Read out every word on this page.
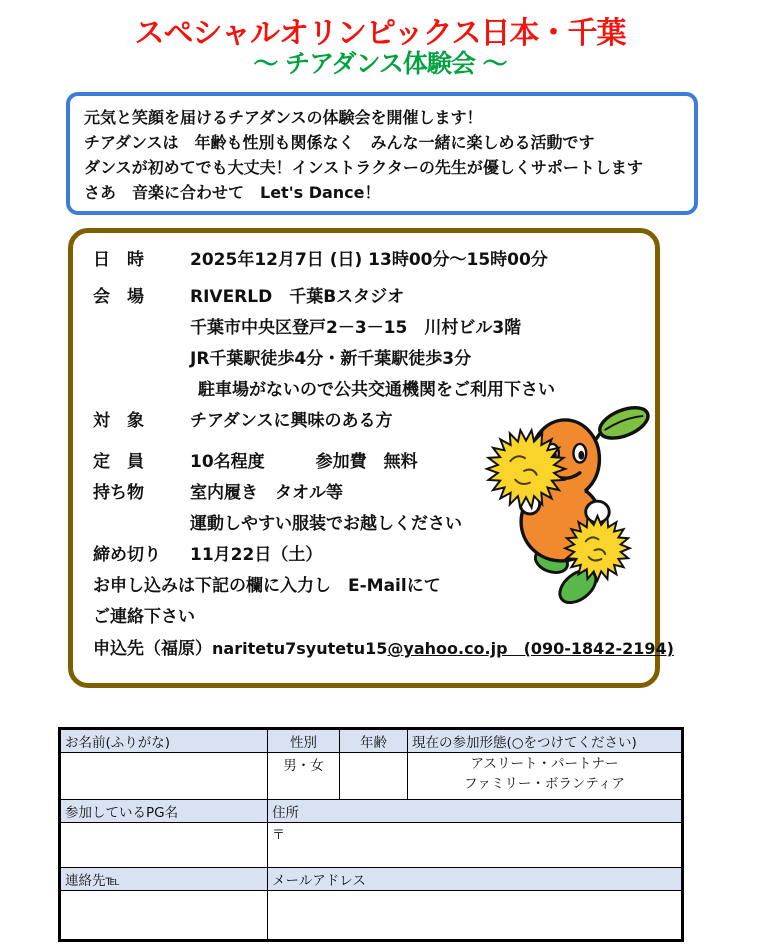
スペシャルオリンピックス日本・千葉
～ チアダンス体験会 ～

元気と笑顔を届けるチアダンスの体験会を開催します！

チアダンスは　年齢も性別も関係なく　みんな一緒に楽しめる活動です

ダンスが初めてでも大丈夫！インストラクターの先生が優しくサポートします

さあ　音楽に合わせて　Let's Dance！

日　時	2025年12月7日 (日) 13時00分～15時00分
会　場	RIVERLD　千葉Bスタジオ
千葉市中央区登戸2－3－15　川村ビル3階
JR千葉駅徒歩4分・新千葉駅徒歩3分
駐車場がないので公共交通機関をご利用下さい
対　象	チアダンスに興味のある方
定　員	10名程度　　　参加費　無料
持ち物	室内履き　タオル等
運動しやすい服装でお越しください
締め切り	11月22日（土）

お申し込みは下記の欄に入力し　E-Mailにて

ご連絡下さい

申込先（福原）naritetu7syutetu15@yahoo.co.jp　(090-1842-2194)

お名前(ふりがな)	性別	年齢	現在の参加形態(○をつけてください)
	男・女		アスリート・パートナー
ファミリー・ボランティア

参加しているPG名	住所		
	〒		
連絡先℡	メールアドレス		
